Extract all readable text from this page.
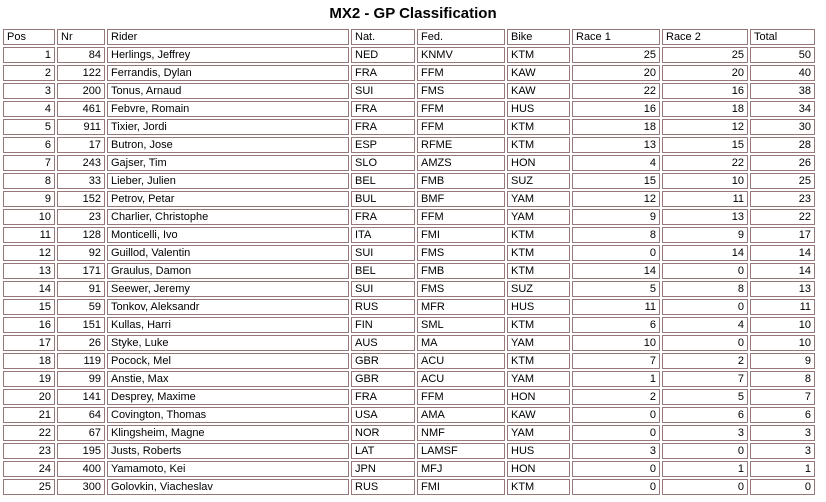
MX2 - GP Classification
Pos	Nr	Rider	Nat.	Fed.	Bike	Race 1	Race 2	Total
1	84	Herlings, Jeffrey	NED	KNMV	KTM	25	25	50
2	122	Ferrandis, Dylan	FRA	FFM	KAW	20	20	40
3	200	Tonus, Arnaud	SUI	FMS	KAW	22	16	38
4	461	Febvre, Romain	FRA	FFM	HUS	16	18	34
5	911	Tixier, Jordi	FRA	FFM	KTM	18	12	30
6	17	Butron, Jose	ESP	RFME	KTM	13	15	28
7	243	Gajser, Tim	SLO	AMZS	HON	4	22	26
8	33	Lieber, Julien	BEL	FMB	SUZ	15	10	25
9	152	Petrov, Petar	BUL	BMF	YAM	12	11	23
10	23	Charlier, Christophe	FRA	FFM	YAM	9	13	22
11	128	Monticelli, Ivo	ITA	FMI	KTM	8	9	17
12	92	Guillod, Valentin	SUI	FMS	KTM	0	14	14
13	171	Graulus, Damon	BEL	FMB	KTM	14	0	14
14	91	Seewer, Jeremy	SUI	FMS	SUZ	5	8	13
15	59	Tonkov, Aleksandr	RUS	MFR	HUS	11	0	11
16	151	Kullas, Harri	FIN	SML	KTM	6	4	10
17	26	Styke, Luke	AUS	MA	YAM	10	0	10
18	119	Pocock, Mel	GBR	ACU	KTM	7	2	9
19	99	Anstie, Max	GBR	ACU	YAM	1	7	8
20	141	Desprey, Maxime	FRA	FFM	HON	2	5	7
21	64	Covington, Thomas	USA	AMA	KAW	0	6	6
22	67	Klingsheim, Magne	NOR	NMF	YAM	0	3	3
23	195	Justs, Roberts	LAT	LAMSF	HUS	3	0	3
24	400	Yamamoto, Kei	JPN	MFJ	HON	0	1	1
25	300	Golovkin, Viacheslav	RUS	FMI	KTM	0	0	0
